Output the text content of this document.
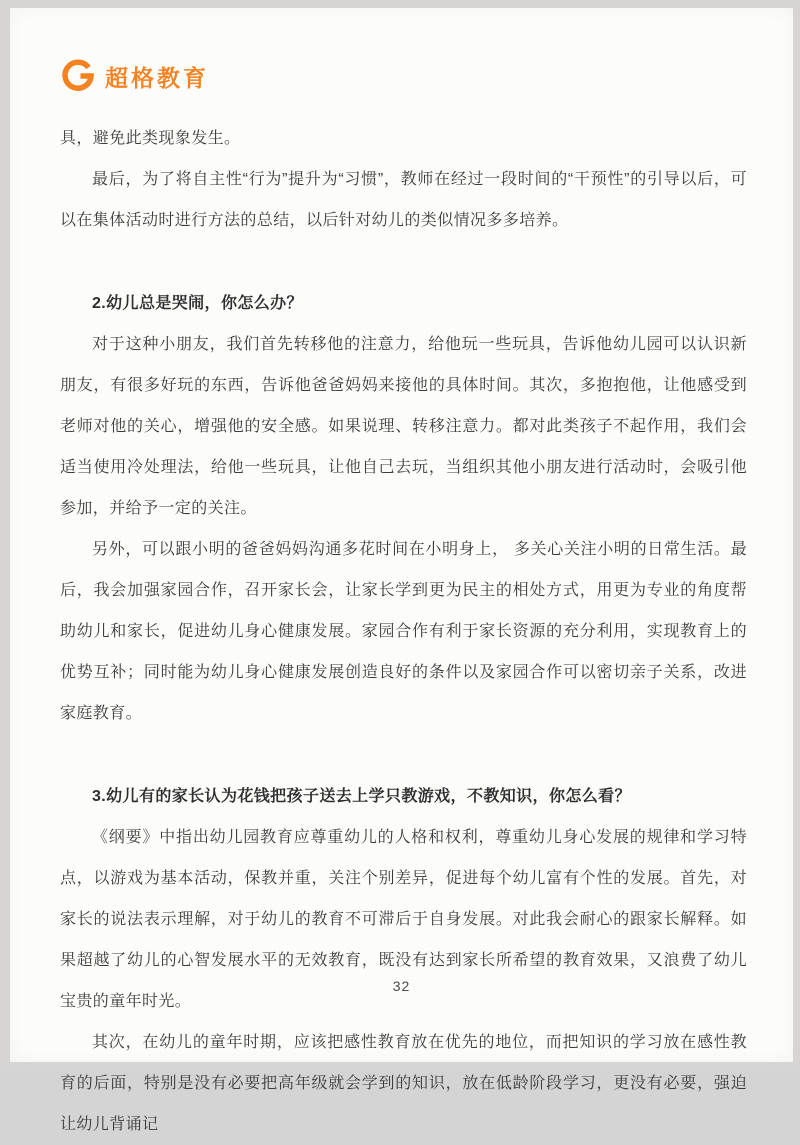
超格教育

具，避免此类现象发生。

最后，为了将自主性“行为”提升为“习惯”，教师在经过一段时间的“干预性”的引导以后，可以在集体活动时进行方法的总结，以后针对幼儿的类似情况多多培养。

2.幼儿总是哭闹，你怎么办？

对于这种小朋友，我们首先转移他的注意力，给他玩一些玩具，告诉他幼儿园可以认识新朋友，有很多好玩的东西，告诉他爸爸妈妈来接他的具体时间。其次，多抱抱他，让他感受到老师对他的关心，增强他的安全感。如果说理、转移注意力。都对此类孩子不起作用，我们会适当使用冷处理法，给他一些玩具，让他自己去玩，当组织其他小朋友进行活动时，会吸引他参加，并给予一定的关注。

另外，可以跟小明的爸爸妈妈沟通多花时间在小明身上， 多关心关注小明的日常生活。最后，我会加强家园合作，召开家长会，让家长学到更为民主的相处方式，用更为专业的角度帮助幼儿和家长，促进幼儿身心健康发展。家园合作有利于家长资源的充分利用，实现教育上的优势互补；同时能为幼儿身心健康发展创造良好的条件以及家园合作可以密切亲子关系，改进家庭教育。

3.幼儿有的家长认为花钱把孩子送去上学只教游戏，不教知识，你怎么看？

《纲要》中指出幼儿园教育应尊重幼儿的人格和权利，尊重幼儿身心发展的规律和学习特点，以游戏为基本活动，保教并重，关注个别差异，促进每个幼儿富有个性的发展。首先，对家长的说法表示理解，对于幼儿的教育不可滞后于自身发展。对此我会耐心的跟家长解释。如果超越了幼儿的心智发展水平的无效教育，既没有达到家长所希望的教育效果，又浪费了幼儿宝贵的童年时光。

其次，在幼儿的童年时期，应该把感性教育放在优先的地位，而把知识的学习放在感性教育的后面，特别是没有必要把高年级就会学到的知识，放在低龄阶段学习，更没有必要，强迫让幼儿背诵记

32
